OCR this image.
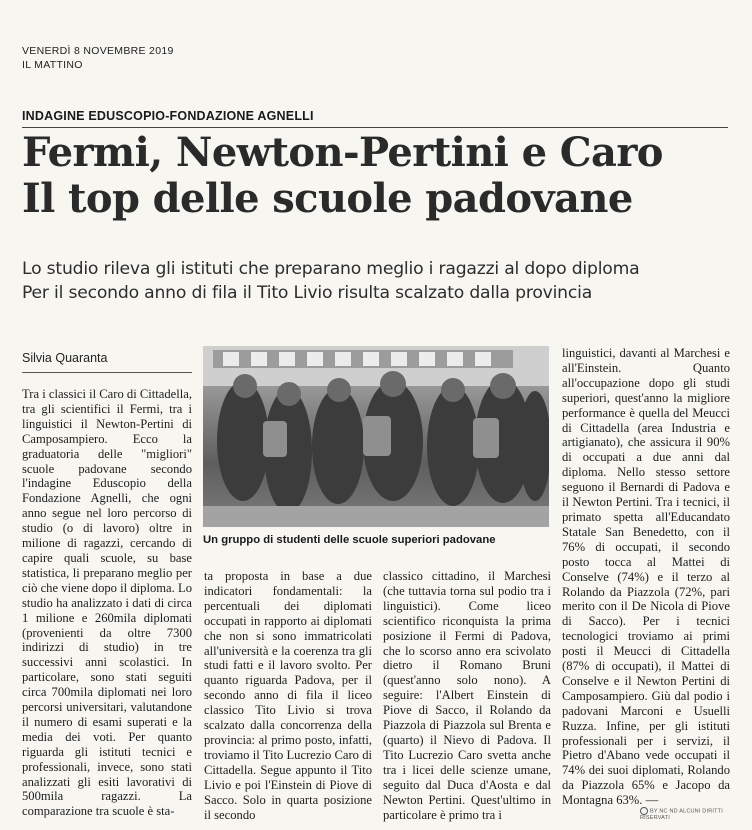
VENERDÌ 8 NOVEMBRE 2019
IL MATTINO
INDAGINE EDUSCOPIO-FONDAZIONE AGNELLI
Fermi, Newton-Pertini e Caro
Il top delle scuole padovane
Lo studio rileva gli istituti che preparano meglio i ragazzi al dopo diploma
Per il secondo anno di fila il Tito Livio risulta scalzato dalla provincia
Silvia Quaranta
Tra i classici il Caro di Cittadella, tra gli scientifici il Fermi, tra i linguistici il Newton-Pertini di Camposampiero. Ecco la graduatoria delle "migliori" scuole padovane secondo l'indagine Eduscopio della Fondazione Agnelli, che ogni anno segue nel loro percorso di studio (o di lavoro) oltre in milione di ragazzi, cercando di capire quali scuole, su base statistica, li preparano meglio per ciò che viene dopo il diploma. Lo studio ha analizzato i dati di circa 1 milione e 260mila diplomati (provenienti da oltre 7300 indirizzi di studio) in tre successivi anni scolastici. In particolare, sono stati seguiti circa 700mila diplomati nei loro percorsi universitari, valutandone il numero di esami superati e la media dei voti. Per quanto riguarda gli istituti tecnici e professionali, invece, sono stati analizzati gli esiti lavorativi di 500mila ragazzi. La comparazione tra scuole è sta-
Un gruppo di studenti delle scuole superiori padovane
ta proposta in base a due indicatori fondamentali: la percentuali dei diplomati occupati in rapporto ai diplomati che non si sono immatricolati all'università e la coerenza tra gli studi fatti e il lavoro svolto. Per quanto riguarda Padova, per il secondo anno di fila il liceo classico Tito Livio si trova scalzato dalla concorrenza della provincia: al primo posto, infatti, troviamo il Tito Lucrezio Caro di Cittadella. Segue appunto il Tito Livio e poi l'Einstein di Piove di Sacco. Solo in quarta posizione il secondo
classico cittadino, il Marchesi (che tuttavia torna sul podio tra i linguistici). Come liceo scientifico riconquista la prima posizione il Fermi di Padova, che lo scorso anno era scivolato dietro il Romano Bruni (quest'anno solo nono). A seguire: l'Albert Einstein di Piove di Sacco, il Rolando da Piazzola di Piazzola sul Brenta e (quarto) il Nievo di Padova. Il Tito Lucrezio Caro svetta anche tra i licei delle scienze umane, seguito dal Duca d'Aosta e dal Newton Pertini. Quest'ultimo in particolare è primo tra i
linguistici, davanti al Marchesi e all'Einstein. Quanto all'occupazione dopo gli studi superiori, quest'anno la migliore performance è quella del Meucci di Cittadella (area Industria e artigianato), che assicura il 90% di occupati a due anni dal diploma. Nello stesso settore seguono il Bernardi di Padova e il Newton Pertini. Tra i tecnici, il primato spetta all'Educandato Statale San Benedetto, con il 76% di occupati, il secondo posto tocca al Mattei di Conselve (74%) e il terzo al Rolando da Piazzola (72%, pari merito con il De Nicola di Piove di Sacco). Per i tecnici tecnologici troviamo ai primi posti il Meucci di Cittadella (87% di occupati), il Mattei di Conselve e il Newton Pertini di Camposampiero. Giù dal podio i padovani Marconi e Usuelli Ruzza. Infine, per gli istituti professionali per i servizi, il Pietro d'Abano vede occupati il 74% dei suoi diplomati, Rolando da Piazzola 65% e Jacopo da Montagna 63%. —
BY NC ND ALCUNI DIRITTI RISERVATI
